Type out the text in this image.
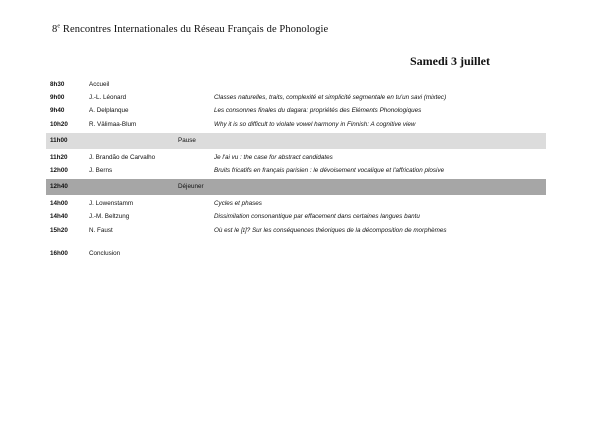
8e Rencontres Internationales du Réseau Français de Phonologie
Samedi 3 juillet
8h30	Accueil
9h00	J.-L. Léonard	Classes naturelles, traits, complexité et simplicité segmentale en tu'un savi (mixtec)
9h40	A. Delplanque	Les consonnes finales du dagara: propriétés des Eléments Phonologiques
10h20	R. Välimaa-Blum	Why it is so difficult to violate vowel harmony in Finnish: A cognitive view
11h00	Pause
11h20	J. Brandão de Carvalho	Je l'ai vu : the case for abstract candidates
12h00	J. Berns	Bruits fricatifs en français parisien : le dévoisement vocalique et l'affrication plosive
12h40	Déjeuner
14h00	J. Lowenstamm	Cycles et phases
14h40	J.-M. Beltzung	Dissimilation consonantique par effacement dans certaines langues bantu
15h20	N. Faust	Où est le [ɪ]? Sur les conséquences théoriques de la décomposition de morphèmes
16h00	Conclusion
